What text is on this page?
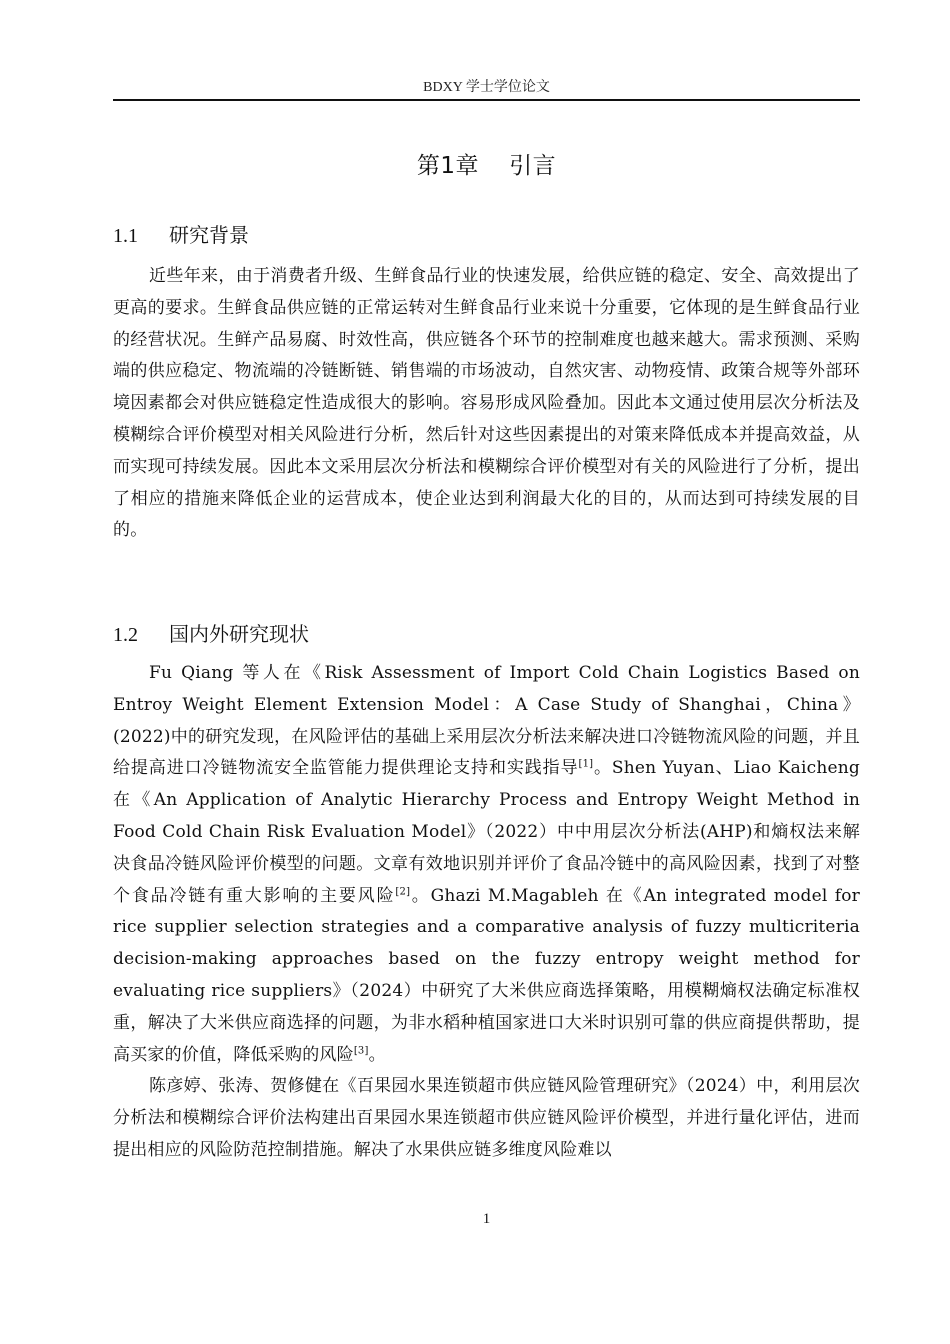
BDXY 学士学位论文
第1章 引言
1.1 研究背景

近些年来，由于消费者升级、生鲜食品行业的快速发展，给供应链的稳定、安全、高效提出了更高的要求。生鲜食品供应链的正常运转对生鲜食品行业来说十分重要，它体现的是生鲜食品行业的经营状况。生鲜产品易腐、时效性高，供应链各个环节的控制难度也越来越大。需求预测、采购端的供应稳定、物流端的冷链断链、销售端的市场波动，自然灾害、动物疫情、政策合规等外部环境因素都会对供应链稳定性造成很大的影响。容易形成风险叠加。因此本文通过使用层次分析法及模糊综合评价模型对相关风险进行分析，然后针对这些因素提出的对策来降低成本并提高效益，从而实现可持续发展。因此本文采用层次分析法和模糊综合评价模型对有关的风险进行了分析，提出了相应的措施来降低企业的运营成本，使企业达到利润最大化的目的，从而达到可持续发展的目的。

1.2 国内外研究现状

Fu Qiang 等人在《Risk Assessment of Import Cold Chain Logistics Based on Entroy Weight Element Extension Model：A Case Study of Shanghai，China》(2022)中的研究发现，在风险评估的基础上采用层次分析法来解决进口冷链物流风险的问题，并且给提高进口冷链物流安全监管能力提供理论支持和实践指导[1]。Shen Yuyan、Liao Kaicheng 在《An Application of Analytic Hierarchy Process and Entropy Weight Method in Food Cold Chain Risk Evaluation Model》（2022）中中用层次分析法(AHP)和熵权法来解决食品冷链风险评价模型的问题。文章有效地识别并评价了食品冷链中的高风险因素，找到了对整个食品冷链有重大影响的主要风险[2]。Ghazi M.Magableh 在《An integrated model for rice supplier selection strategies and a comparative analysis of fuzzy multicriteria decision-making approaches based on the fuzzy entropy weight method for evaluating rice suppliers》（2024）中研究了大米供应商选择策略，用模糊熵权法确定标准权重，解决了大米供应商选择的问题，为非水稻种植国家进口大米时识别可靠的供应商提供帮助，提高买家的价值，降低采购的风险[3]。

陈彦婷、张涛、贺修健在《百果园水果连锁超市供应链风险管理研究》（2024）中，利用层次分析法和模糊综合评价法构建出百果园水果连锁超市供应链风险评价模型，并进行量化评估，进而提出相应的风险防范控制措施。解决了水果供应链多维度风险难以

1
